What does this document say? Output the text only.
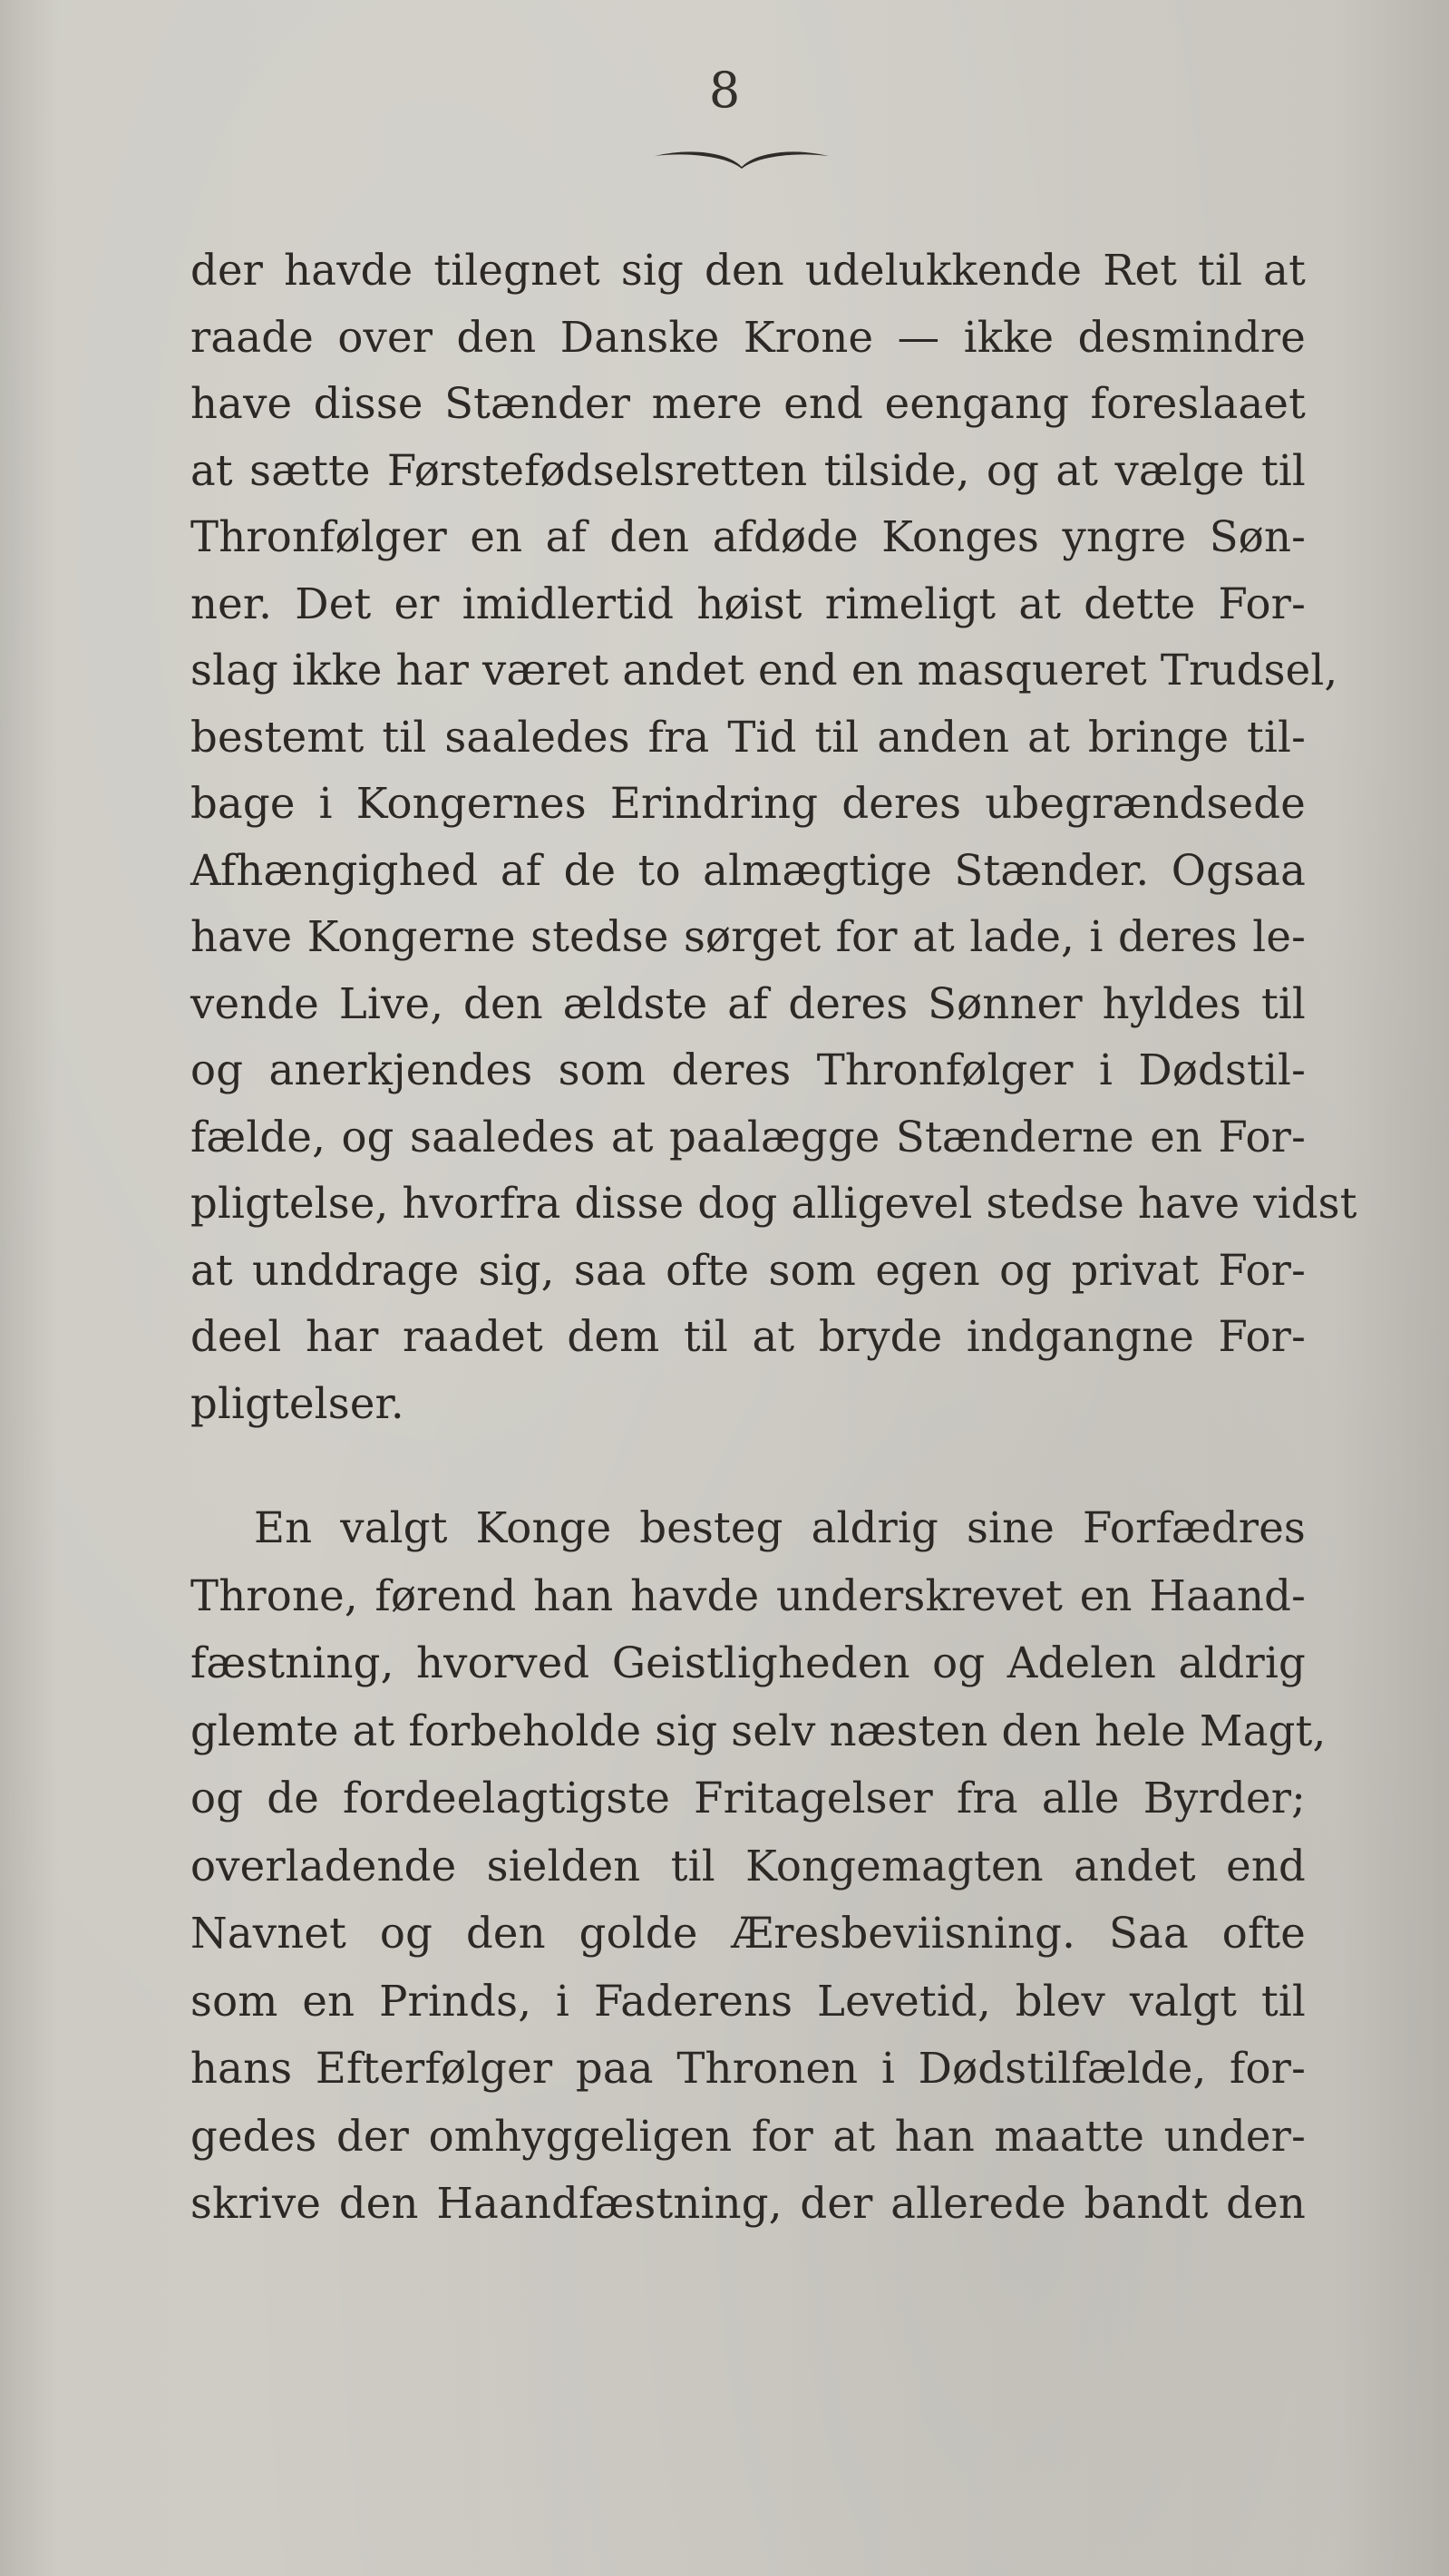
8
der havde tilegnet sig den udelukkende Ret til at
raade over den Danske Krone — ikke desmindre
have disse Stænder mere end eengang foreslaaet
at sætte Førstefødselsretten tilside, og at vælge til
Thronfølger en af den afdøde Konges yngre Søn-
ner. Det er imidlertid høist rimeligt at dette For-
slag ikke har været andet end en masqueret Trudsel,
bestemt til saaledes fra Tid til anden at bringe til-
bage i Kongernes Erindring deres ubegrændsede
Afhængighed af de to almægtige Stænder. Ogsaa
have Kongerne stedse sørget for at lade, i deres le-
vende Live, den ældste af deres Sønner hyldes til
og anerkjendes som deres Thronfølger i Dødstil-
fælde, og saaledes at paalægge Stænderne en For-
pligtelse, hvorfra disse dog alligevel stedse have vidst
at unddrage sig, saa ofte som egen og privat For-
deel har raadet dem til at bryde indgangne For-
pligtelser.
En valgt Konge besteg aldrig sine Forfædres
Throne, førend han havde underskrevet en Haand-
fæstning, hvorved Geistligheden og Adelen aldrig
glemte at forbeholde sig selv næsten den hele Magt,
og de fordeelagtigste Fritagelser fra alle Byrder;
overladende sielden til Kongemagten andet end
Navnet og den golde Æresbeviisning. Saa ofte
som en Prinds, i Faderens Levetid, blev valgt til
hans Efterfølger paa Thronen i Dødstilfælde, for-
gedes der omhyggeligen for at han maatte under-
skrive den Haandfæstning, der allerede bandt den
